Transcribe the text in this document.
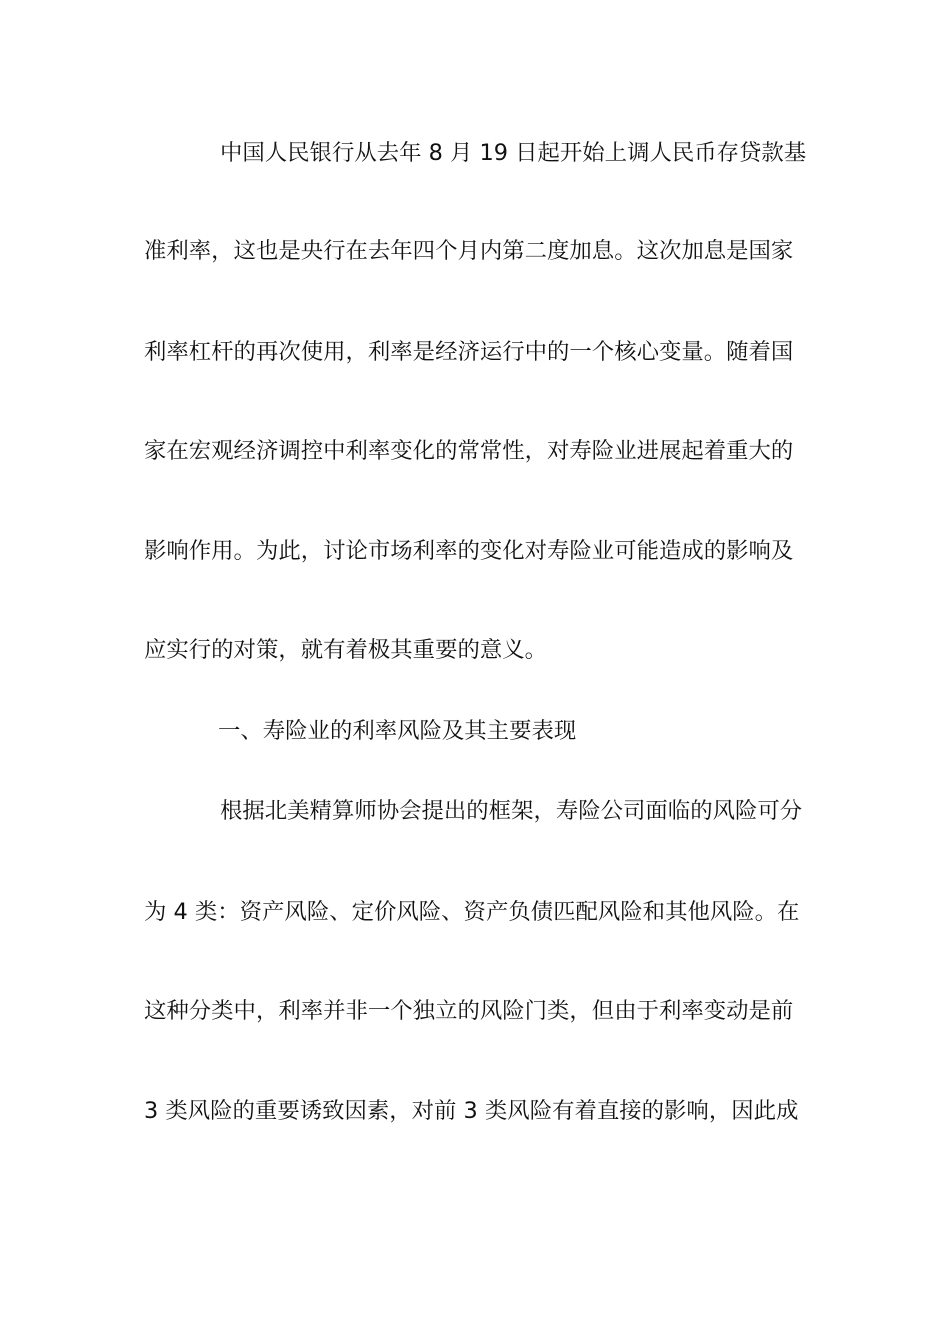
中国人民银行从去年 8 月 19 日起开始上调人民币存贷款基
准利率，这也是央行在去年四个月内第二度加息。这次加息是国家
利率杠杆的再次使用，利率是经济运行中的一个核心变量。随着国
家在宏观经济调控中利率变化的常常性，对寿险业进展起着重大的
影响作用。为此，讨论市场利率的变化对寿险业可能造成的影响及
应实行的对策，就有着极其重要的意义。
一、寿险业的利率风险及其主要表现
根据北美精算师协会提出的框架，寿险公司面临的风险可分
为 4 类：资产风险、定价风险、资产负债匹配风险和其他风险。在
这种分类中，利率并非一个独立的风险门类，但由于利率变动是前
3 类风险的重要诱致因素，对前 3 类风险有着直接的影响，因此成
